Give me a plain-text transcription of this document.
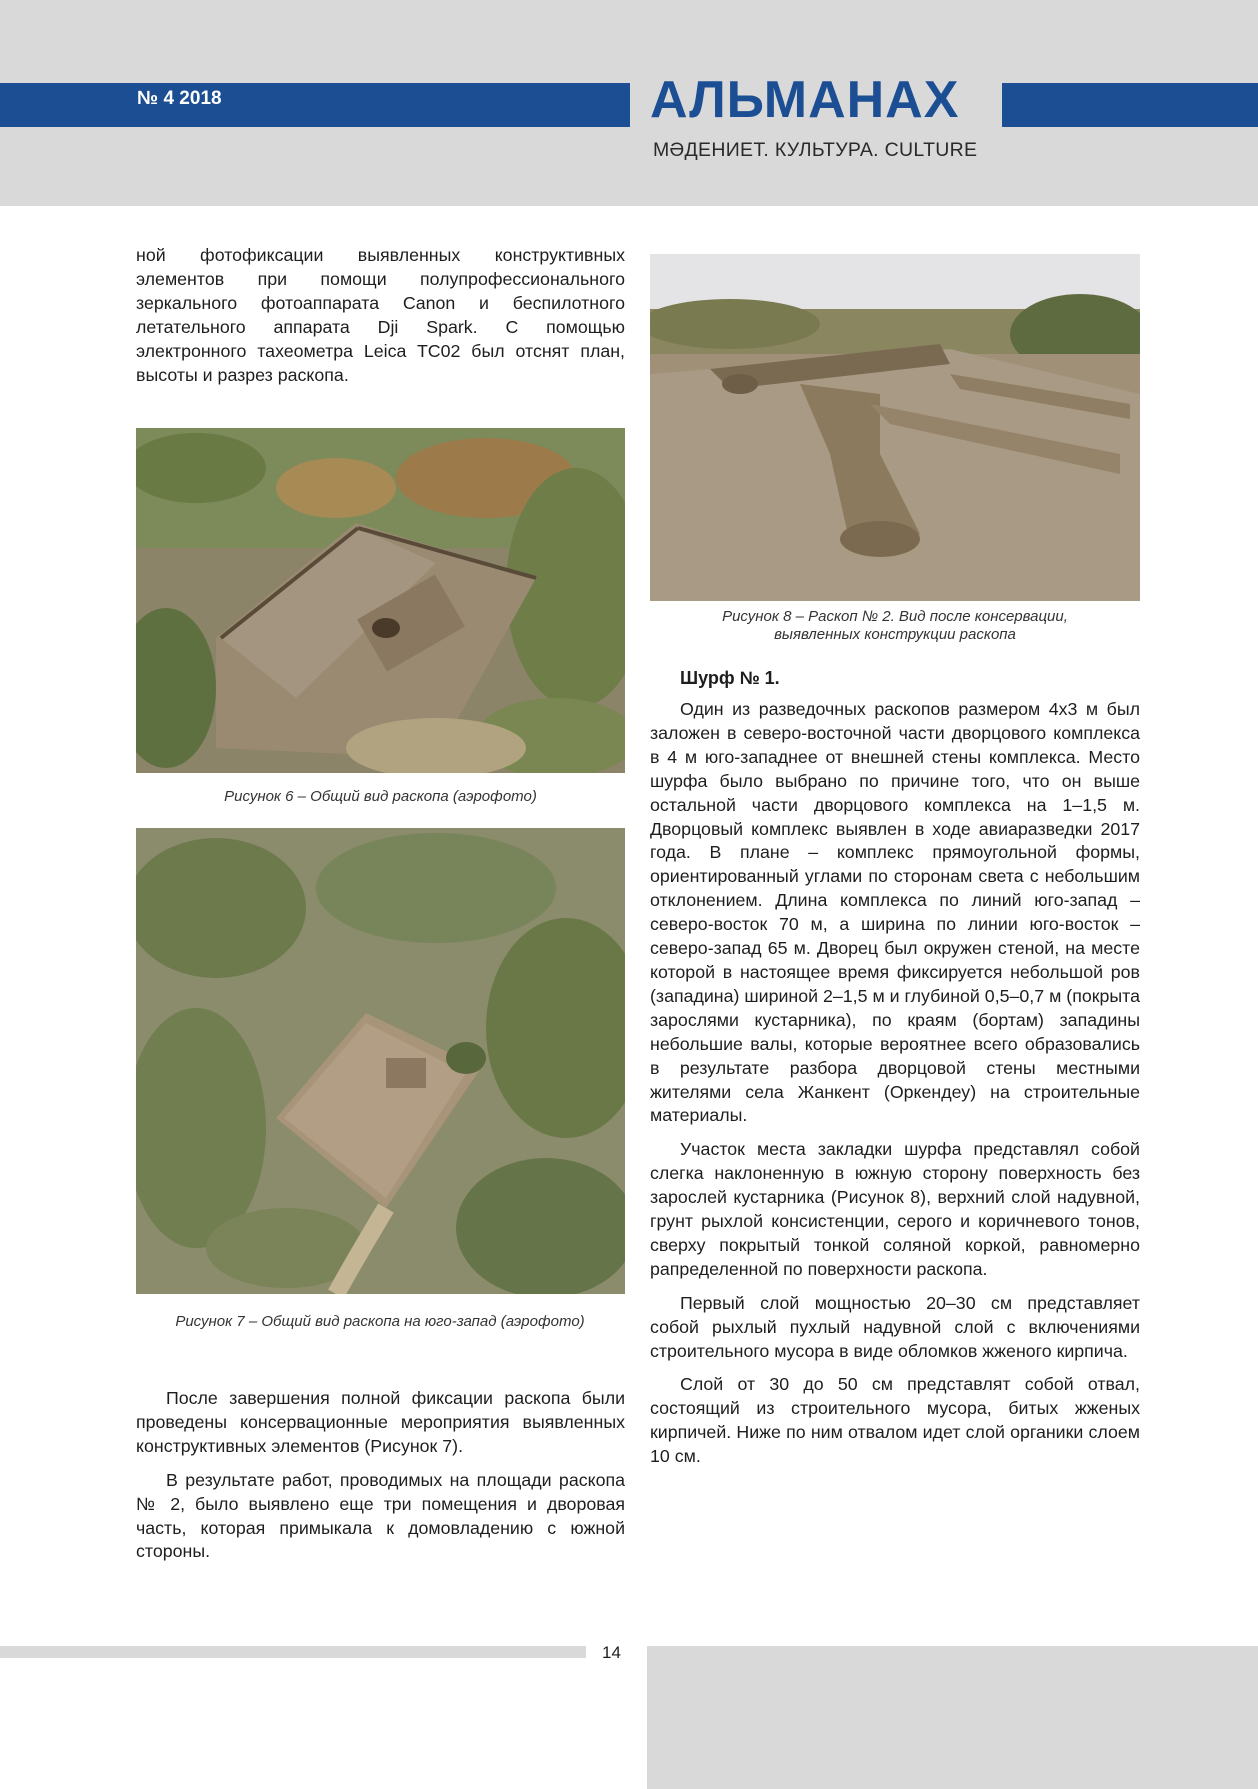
№ 4 2018	АЛЬМАНАХ
МӘДЕНИЕТ. КУЛЬТУРА. CULTURE

ной фотофиксации выявленных конструктивных элементов при помощи полупрофессионального зеркального фотоаппарата Canon и беспилотного летательного аппарата Dji Spark. С помощью электронного тахеометра Leica TC02 был отснят план, высоты и разрез раскопа.

Рисунок 6 – Общий вид раскопа (аэрофото)
Рисунок 7 – Общий вид раскопа на юго-запад (аэрофото)

После завершения полной фиксации раскопа были проведены консервационные мероприятия выявленных конструктивных элементов (Рисунок 7).

В результате работ, проводимых на площади раскопа № 2, было выявлено еще три помещения и дворовая часть, которая примыкала к домовладению с южной стороны.

Рисунок 8 – Раскоп № 2. Вид после консервации, выявленных конструкции раскопа
Шурф № 1.

Один из разведочных раскопов размером 4х3 м был заложен в северо-восточной части дворцового комплекса в 4 м юго-западнее от внешней стены комплекса. Место шурфа было выбрано по причине того, что он выше остальной части дворцового комплекса на 1–1,5 м. Дворцовый комплекс выявлен в ходе авиаразведки 2017 года. В плане – комплекс прямоугольной формы, ориентированный углами по сторонам света с небольшим отклонением. Длина комплекса по линий юго-запад – северо-восток 70 м, а ширина по линии юго-восток – северо-запад 65 м. Дворец был окружен стеной, на месте которой в настоящее время фиксируется небольшой ров (западина) шириной 2–1,5 м и глубиной 0,5–0,7 м (покрыта зарослями кустарника), по краям (бортам) западины небольшие валы, которые вероятнее всего образовались в результате разбора дворцовой стены местными жителями села Жанкент (Оркендеу) на строительные материалы.

Участок места закладки шурфа представлял собой слегка наклоненную в южную сторону поверхность без зарослей кустарника (Рисунок 8), верхний слой надувной, грунт рыхлой консистенции, серого и коричневого тонов, сверху покрытый тонкой соляной коркой, равномерно рапределенной по поверхности раскопа.

Первый слой мощностью 20–30 см представляет собой рыхлый пухлый надувной слой с включениями строительного мусора в виде обломков жженого кирпича.

Слой от 30 до 50 см представлят собой отвал, состоящий из строительного мусора, битых жженых кирпичей. Ниже по ним отвалом идет слой органики слоем 10 см.

14
